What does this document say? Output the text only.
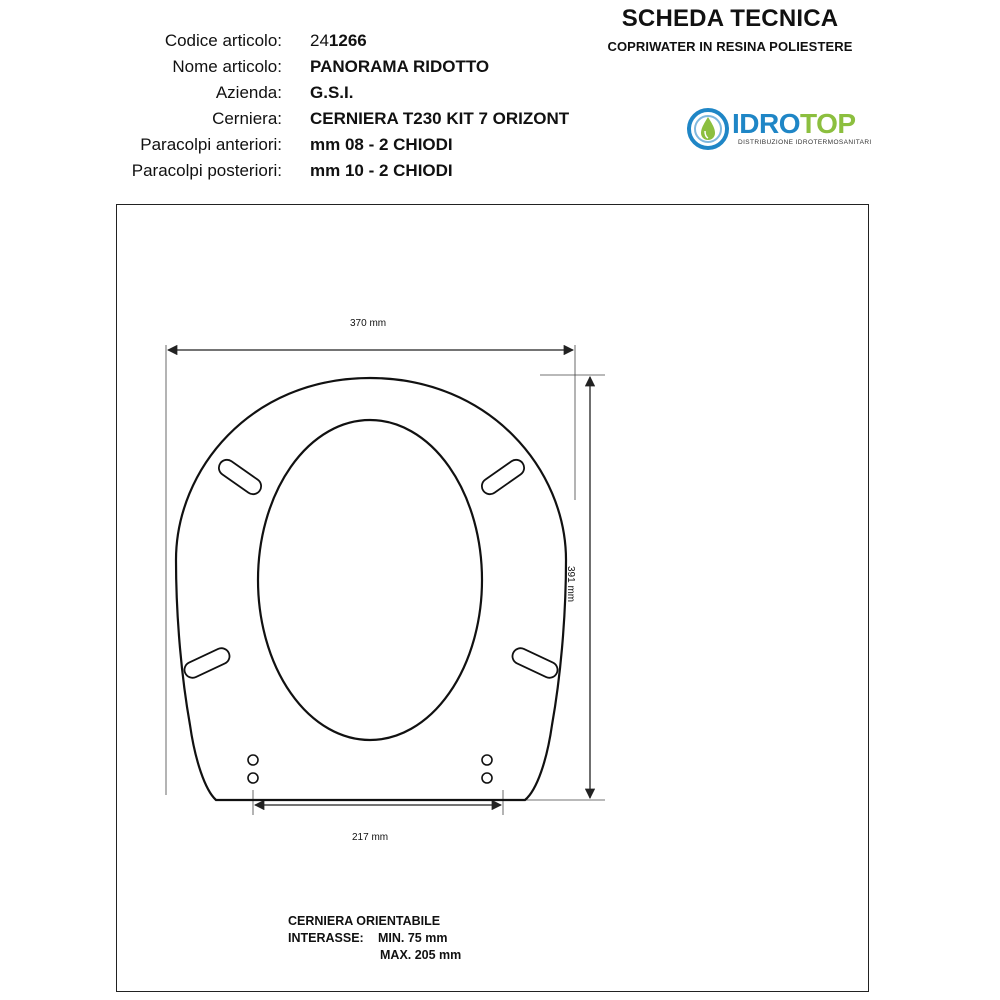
SCHEDA TECNICA
COPRIWATER IN RESINA POLIESTERE
Codice articolo: 241266
Nome articolo: PANORAMA RIDOTTO
Azienda: G.S.I.
Cerniera: CERNIERA T230 KIT 7 ORIZONT
Paracolpi anteriori: mm 08 - 2 CHIODI
Paracolpi posteriori: mm 10 - 2 CHIODI
IDROTOP
DISTRIBUZIONE IDROTERMOSANITARI
370 mm
391 mm
217 mm
CERNIERA ORIENTABILE
INTERASSE: MIN. 75 mm
MAX. 205 mm
